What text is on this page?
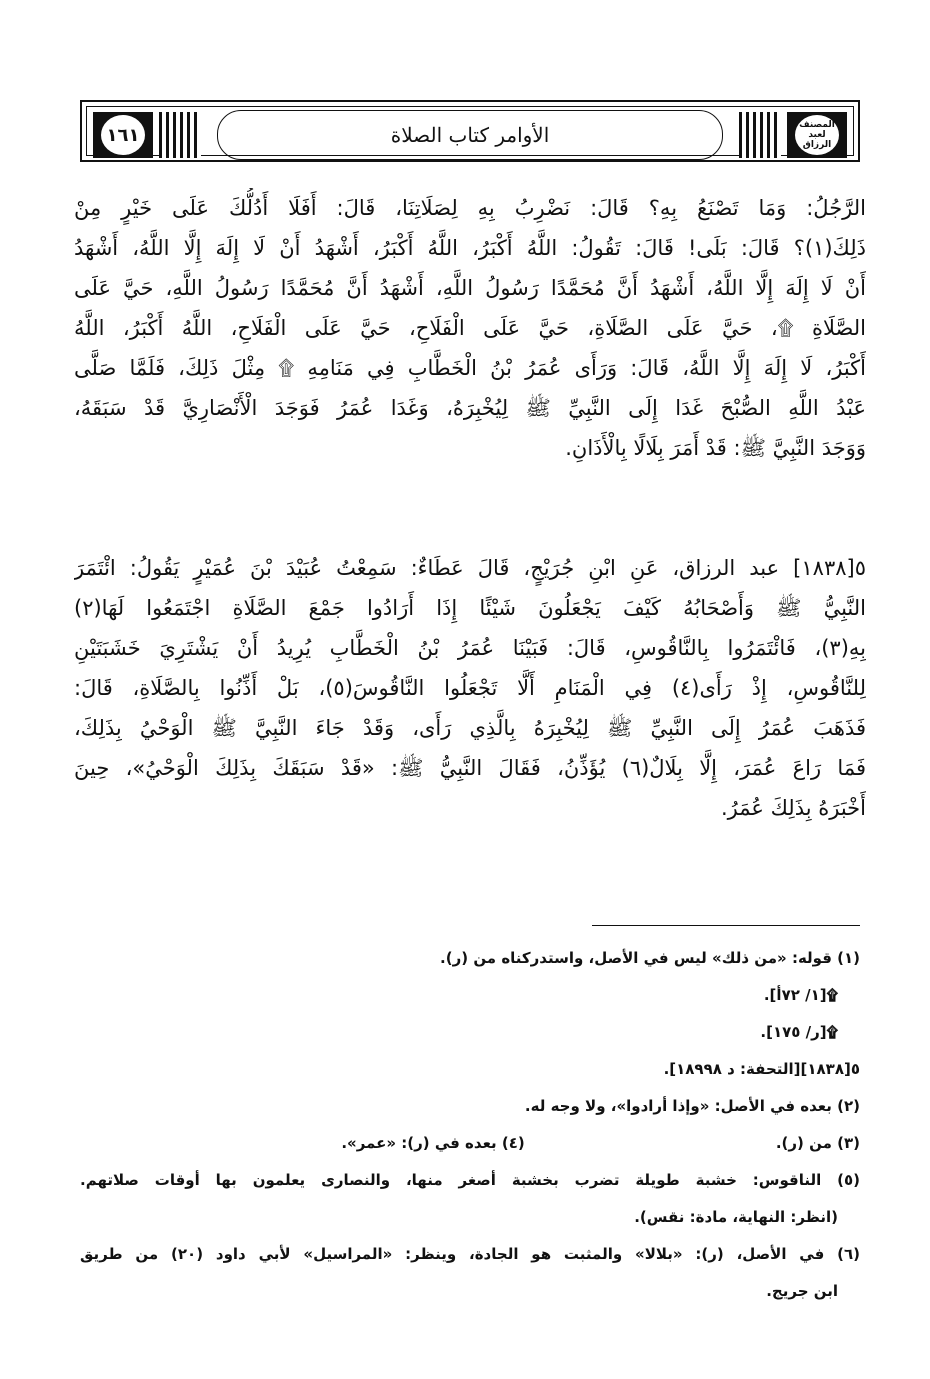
١٦١	الأوامر كتاب الصلاة	المصنف لعبد الرزاق
الرَّجُلُ: وَمَا تَصْنَعُ بِهِ؟ قَالَ: نَضْرِبُ بِهِ لِصَلَاتِنَا، قَالَ: أَفَلَا أَدُلُّكَ عَلَى خَيْرٍ مِنْ
ذَلِكَ(١)؟ قَالَ: بَلَى! قَالَ: تَقُولُ: اللَّهُ أَكْبَرُ، اللَّهُ أَكْبَرُ، أَشْهَدُ أَنْ لَا إِلَهَ إِلَّا اللَّهُ، أَشْهَدُ
أَنْ لَا إِلَهَ إِلَّا اللَّهُ، أَشْهَدُ أَنَّ مُحَمَّدًا رَسُولُ اللَّهِ، أَشْهَدُ أَنَّ مُحَمَّدًا رَسُولُ اللَّهِ، حَيَّ عَلَى
الصَّلَاةِ ۩، حَيَّ عَلَى الصَّلَاةِ، حَيَّ عَلَى الْفَلَاحِ، حَيَّ عَلَى الْفَلَاحِ، اللَّهُ أَكْبَرُ، اللَّهُ
أَكْبَرُ، لَا إِلَهَ إِلَّا اللَّهُ، قَالَ: وَرَأَى عُمَرُ بْنُ الْخَطَّابِ فِي مَنَامِهِ ۩ مِثْلَ ذَلِكَ، فَلَمَّا صَلَّى
عَبْدُ اللَّهِ الصُّبْحَ غَدَا إِلَى النَّبِيِّ ﷺ لِيُخْبِرَهُ، وَغَدَا عُمَرُ فَوَجَدَ الْأَنْصَارِيَّ قَدْ سَبَقَهُ،
وَوَجَدَ النَّبِيَّ ﷺ: قَدْ أَمَرَ بِلَالًا بِالْأَذَانِ.
٥[١٨٣٨] عبد الرزاق، عَنِ ابْنِ جُرَيْجٍ، قَالَ عَطَاءٌ: سَمِعْتُ عُبَيْدَ بْنَ عُمَيْرٍ يَقُولُ: ائْتَمَرَ
النَّبِيُّ ﷺ وَأَصْحَابُهُ كَيْفَ يَجْعَلُونَ شَيْئًا إِذَا أَرَادُوا جَمْعَ الصَّلَاةِ اجْتَمَعُوا لَهَا(٢)
بِهِ(٣)، فَائْتَمَرُوا بِالنَّاقُوسِ، قَالَ: فَبَيْنَا عُمَرُ بْنُ الْخَطَّابِ يُرِيدُ أَنْ يَشْتَرِيَ خَشَبَتَيْنِ
لِلنَّاقُوسِ، إِذْ رَأَى(٤) فِي الْمَنَامِ أَلَّا تَجْعَلُوا النَّاقُوسَ(٥)، بَلْ أَذِّنُوا بِالصَّلَاةِ، قَالَ:
فَذَهَبَ عُمَرُ إِلَى النَّبِيِّ ﷺ لِيُخْبِرَهُ بِالَّذِي رَأَى، وَقَدْ جَاءَ النَّبِيَّ ﷺ الْوَحْيُ بِذَلِكَ،
فَمَا رَاعَ عُمَرَ، إِلَّا بِلَالٌ(٦) يُؤَذِّنُ، فَقَالَ النَّبِيُّ ﷺ: «قَدْ سَبَقَكَ بِذَلِكَ الْوَحْيُ»، حِينَ
أَخْبَرَهُ بِذَلِكَ عُمَرُ.
(١) قوله: «من ذلك» ليس في الأصل، واستدركناه من (ر).
۩[١/ ٧٢أ].
۩[ر/ ١٧٥].
٥[١٨٣٨][التحفة: د ١٨٩٩٨].
(٢) بعده في الأصل: «وإذا أرادوا»، ولا وجه له.
(٣) من (ر). (٤) بعده في (ر): «عمر».
(٥) الناقوس: خشبة طويلة تضرب بخشبة أصغر منها، والنصارى يعلمون بها أوقات صلاتهم.
(انظر: النهاية، مادة: نقس).
(٦) في الأصل، (ر): «بلالا» والمثبت هو الجادة، وينظر: «المراسيل» لأبي داود (٢٠) من طريق
ابن جريج.
